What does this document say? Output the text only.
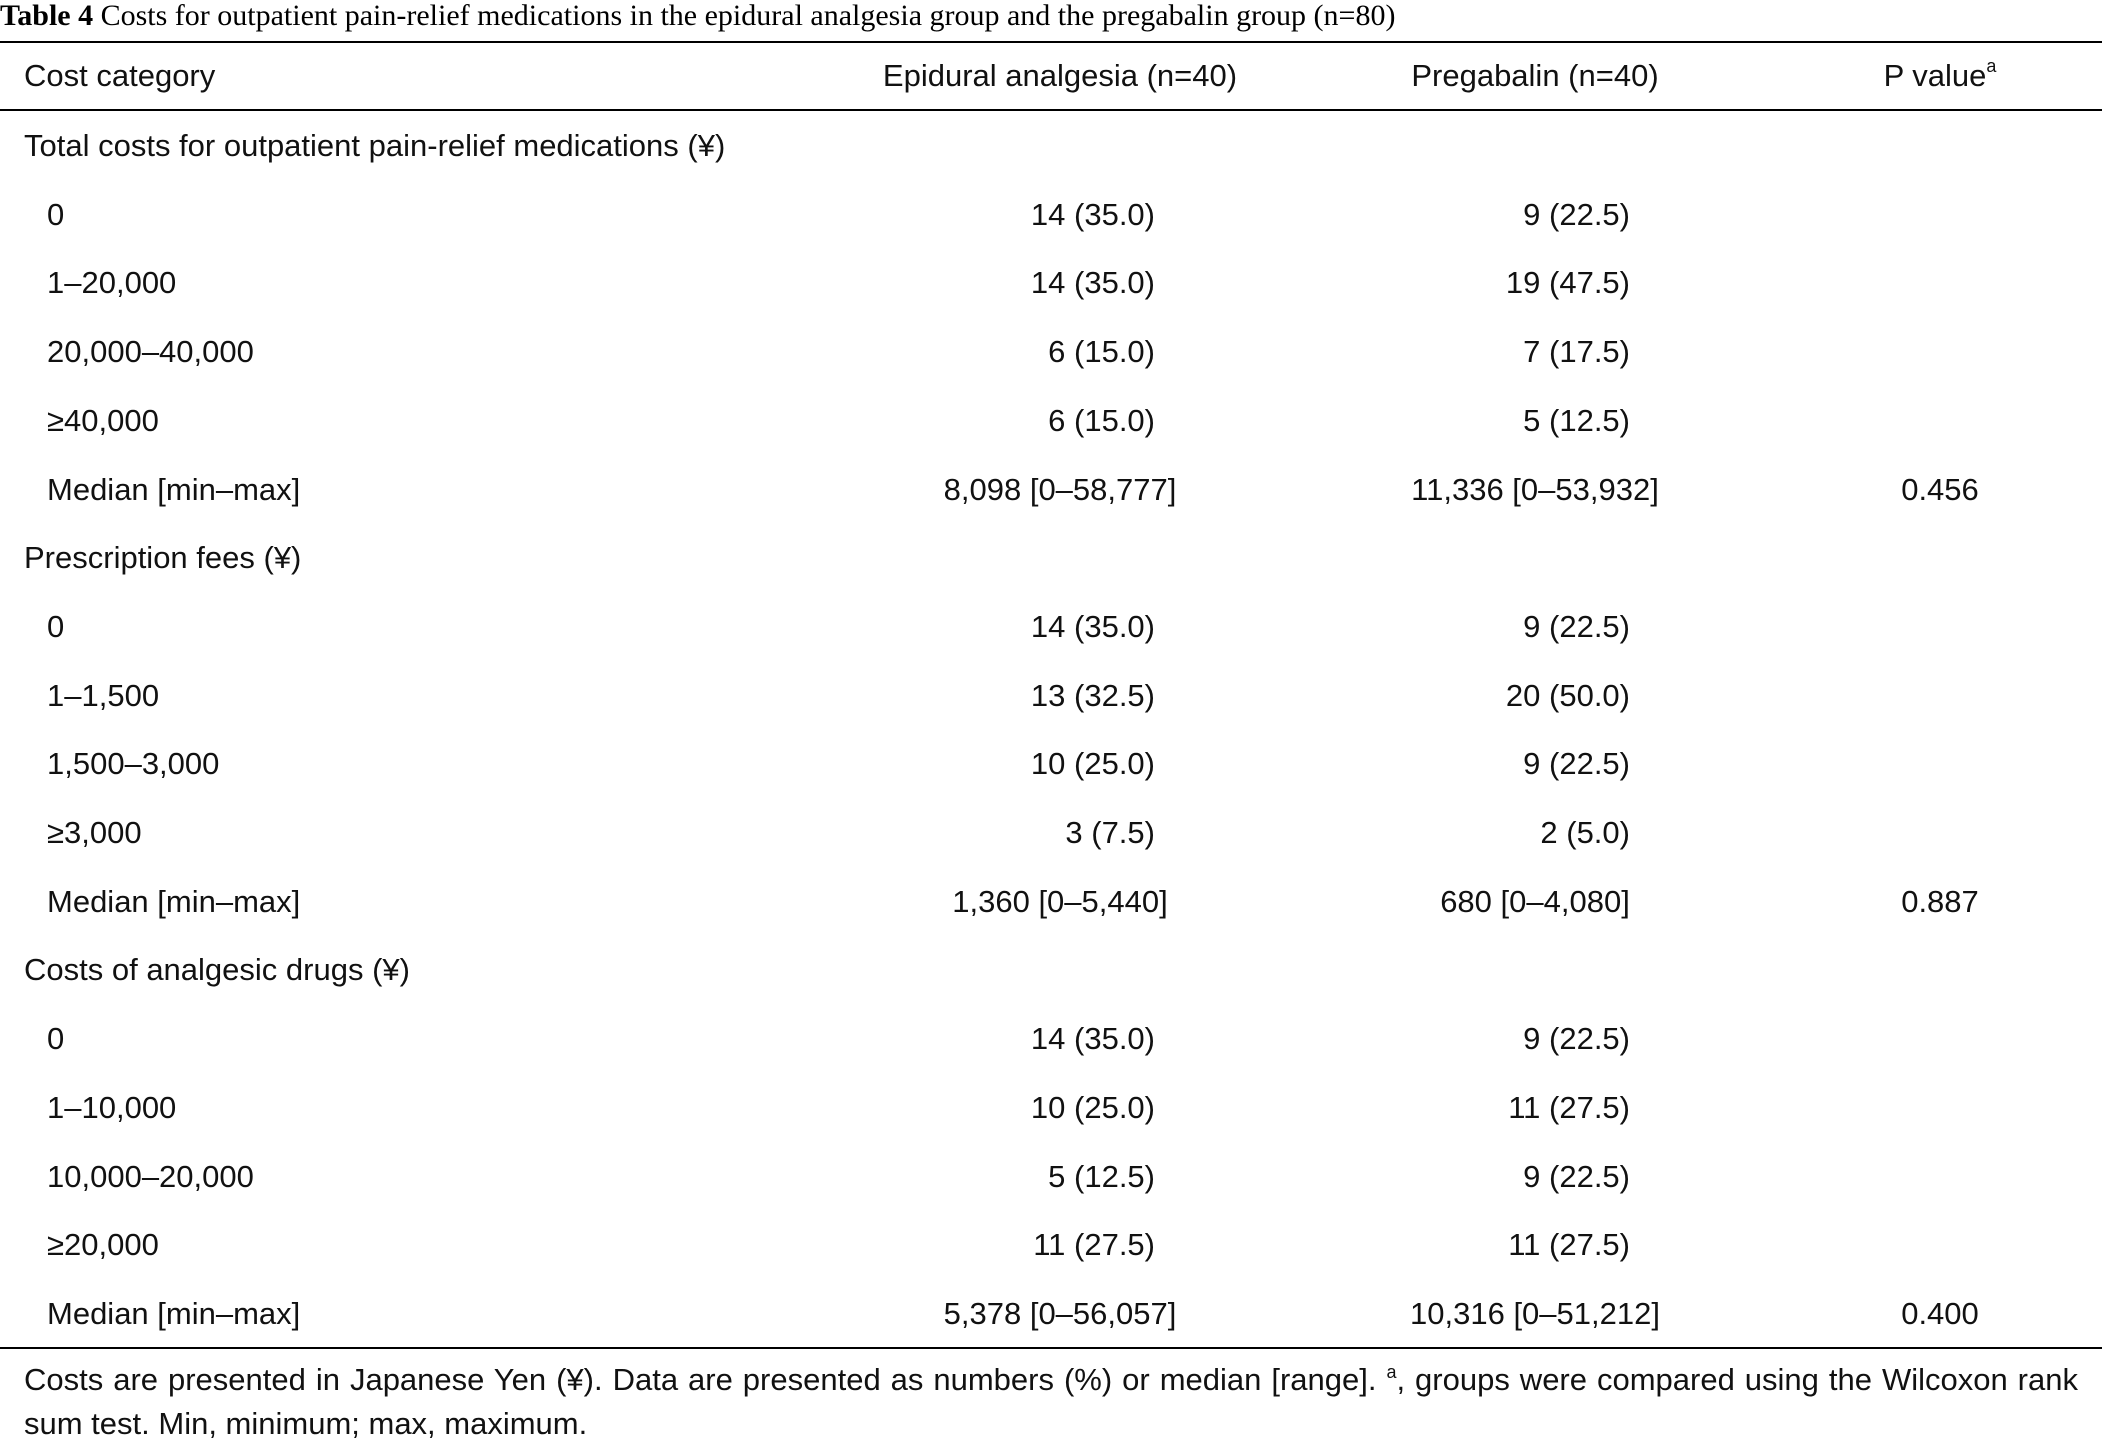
Table 4 Costs for outpatient pain-relief medications in the epidural analgesia group and the pregabalin group (n=80)
Cost category	Epidural analgesia (n=40)	Pregabalin (n=40)	P value$^a$
Total costs for outpatient pain-relief medications (¥)
0	14 (35.0)	9 (22.5)
1–20,000	14 (35.0)	19 (47.5)
20,000–40,000	6 (15.0)	7 (17.5)
≥40,000	6 (15.0)	5 (12.5)
Median [min–max]	8,098 [0–58,777]	11,336 [0–53,932]	0.456
Prescription fees (¥)
0	14 (35.0)	9 (22.5)
1–1,500	13 (32.5)	20 (50.0)
1,500–3,000	10 (25.0)	9 (22.5)
≥3,000	3 (7.5)	2 (5.0)
Median [min–max]	1,360 [0–5,440]	680 [0–4,080]	0.887
Costs of analgesic drugs (¥)
0	14 (35.0)	9 (22.5)
1–10,000	10 (25.0)	11 (27.5)
10,000–20,000	5 (12.5)	9 (22.5)
≥20,000	11 (27.5)	11 (27.5)
Median [min–max]	5,378 [0–56,057]	10,316 [0–51,212]	0.400
Costs are presented in Japanese Yen (¥). Data are presented as numbers (%) or median [range]. $^a$, groups were compared using the Wilcoxon rank sum test. Min, minimum; max, maximum.
